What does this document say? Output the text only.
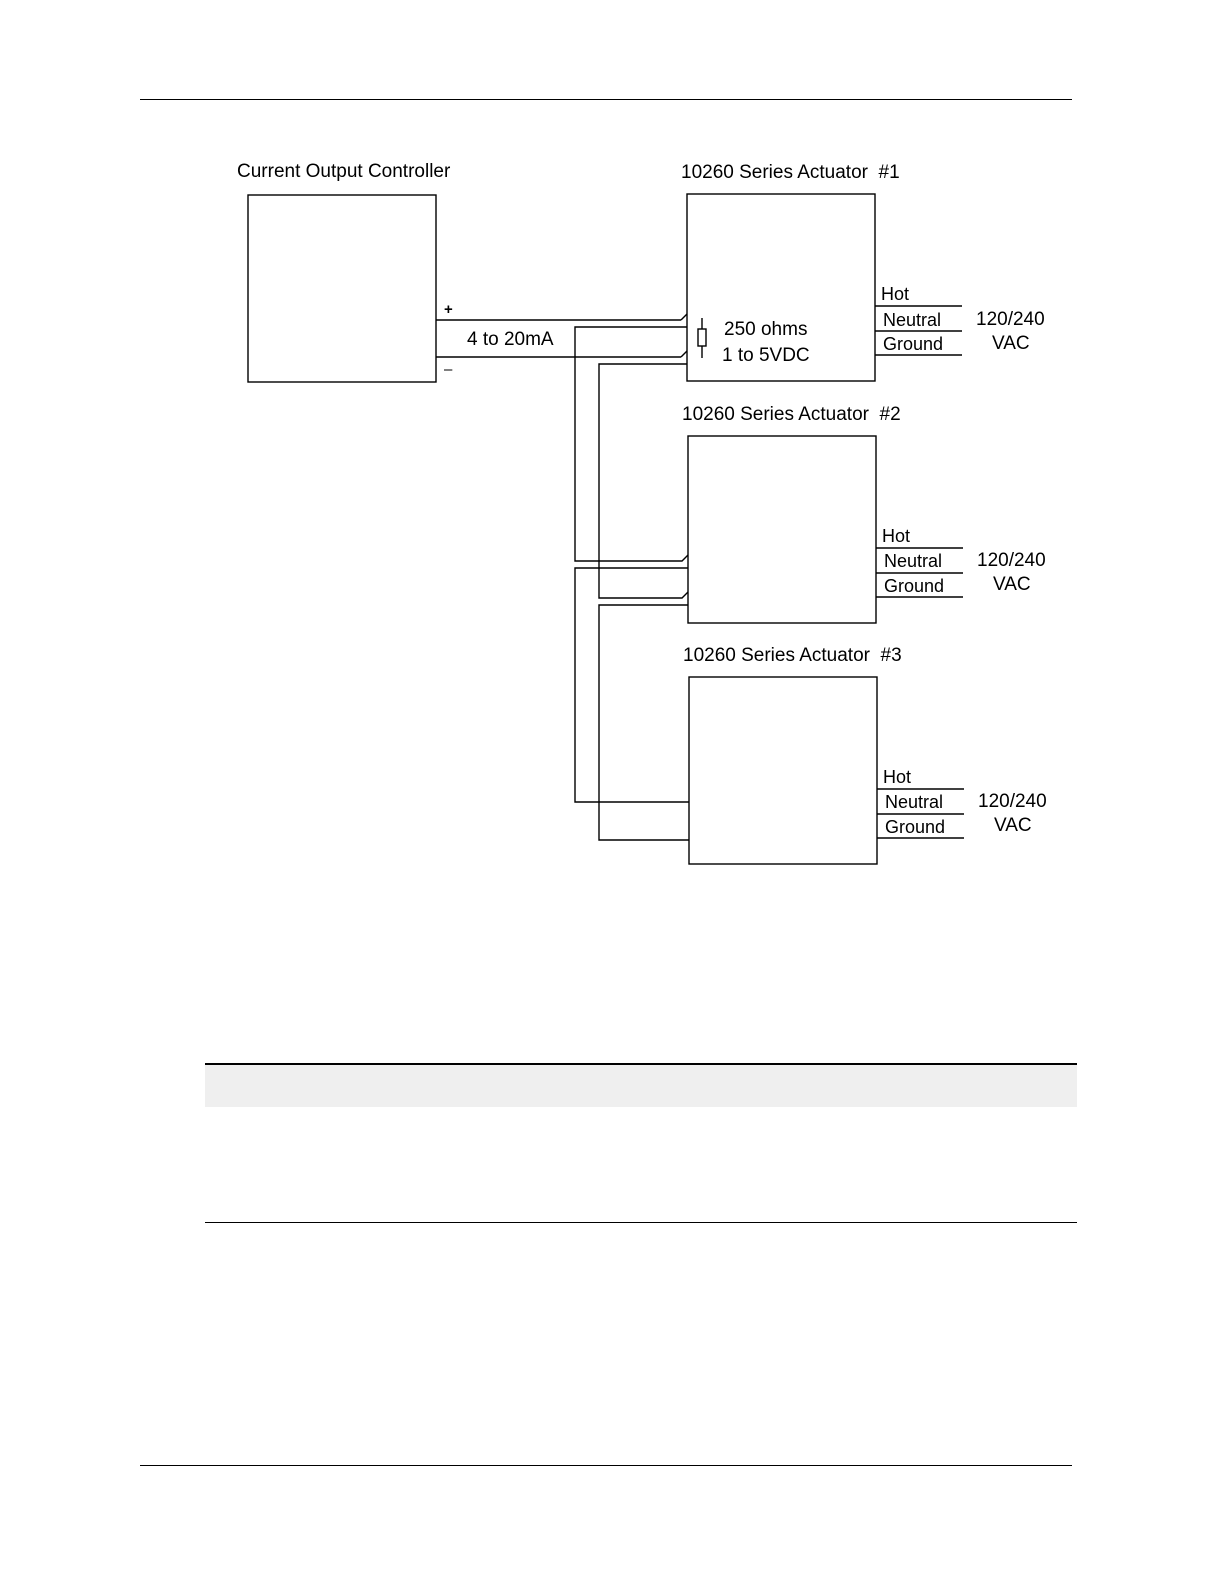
Current Output Controller
+
4 to 20mA
–
250 ohms
1 to 5VDC
10260 Series Actuator  #1
Hot
Neutral
Ground
120/240
VAC
10260 Series Actuator  #2
Hot
Neutral
Ground
120/240
VAC
10260 Series Actuator  #3
Hot
Neutral
Ground
120/240
VAC
